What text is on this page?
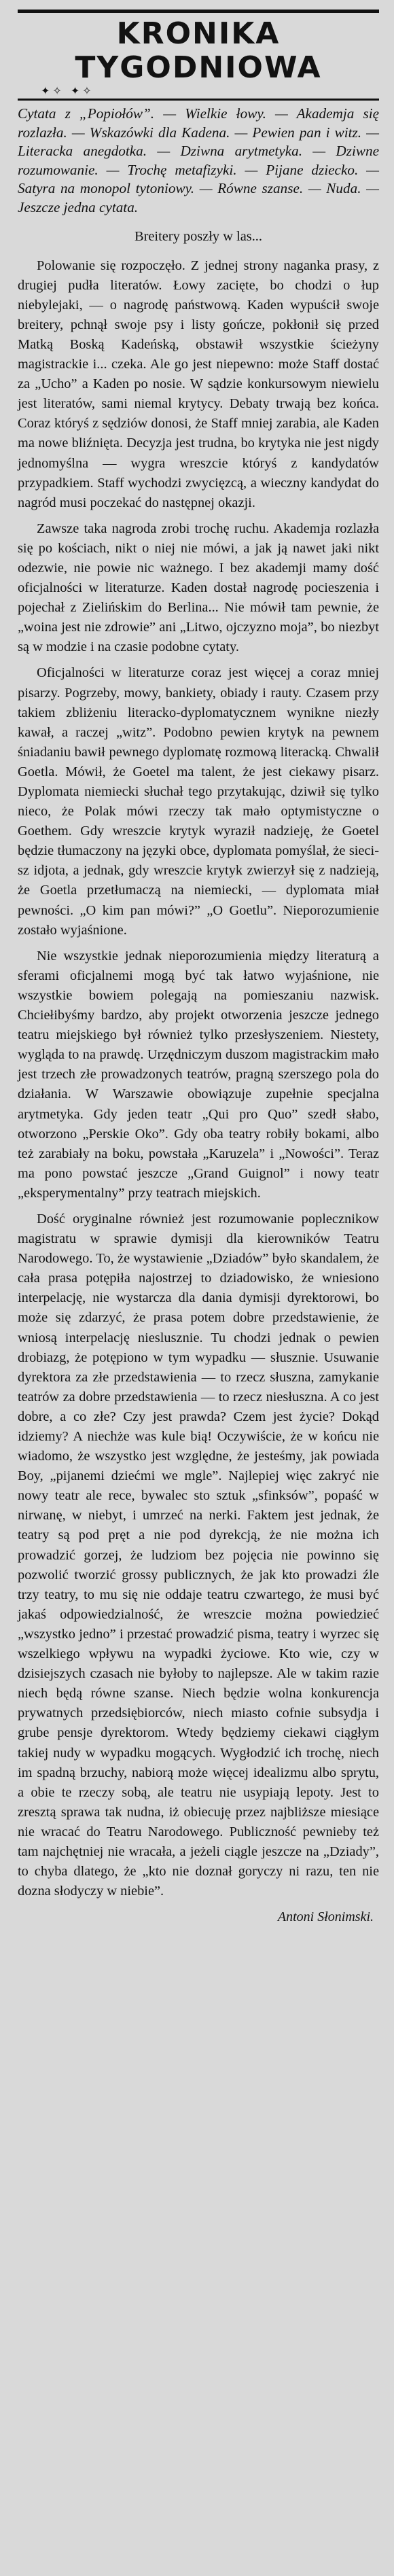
KRONIKA TYGODNIOWA
✦✧ ✦✧

Cytata z „Popiołów”. — Wielkie łowy. — Akademja się rozlazła. — Wskazówki dla Kadena. — Pewien pan i witz. — Literacka anegdotka. — Dziwna arytmetyka. — Dziwne rozumowanie. — Trochę metafizyki. — Pijane dziecko. — Satyra na monopol tytoniowy. — Równe szanse. — Nuda. — Jeszcze jedna cytata.

Breitery poszły w las...

Polowanie się rozpoczęło. Z jednej strony naganka prasy, z drugiej pudła literatów. Łowy zacięte, bo chodzi o łup niebylejaki, — o nagrodę państwową. Kaden wypuścił swoje breitery, pchnął swoje psy i listy gończe, pokłonił się przed Matką Boską Kadeńską, obstawił wszystkie ścieżyny magistrackie i... czeka. Ale go jest niepewno: może Staff dostać za „Ucho” a Kaden po nosie. W sądzie konkursowym niewielu jest literatów, sami niemal krytycy. Debaty trwają bez końca. Coraz któryś z sędziów donosi, że Staff mniej zarabia, ale Kaden ma nowe bliźnięta. Decyzja jest trudna, bo krytyka nie jest nigdy jednomyślna — wygra wreszcie któryś z kandydatów przypadkiem. Staff wychodzi zwycięzcą, a wieczny kandydat do nagród musi poczekać do następnej okazji.

Zawsze taka nagroda zrobi trochę ruchu. Akademja rozlazła się po kościach, nikt o niej nie mówi, a jak ją nawet jaki nikt odezwie, nie powie nic ważnego. I bez akademji mamy dość oficjalności w literaturze. Kaden dostał nagrodę pocieszenia i pojechał z Zielińskim do Berlina... Nie mówił tam pewnie, że „woina jest nie zdrowie” ani „Litwo, ojczyzno moja”, bo niezbyt są w modzie i na czasie podobne cytaty.

Oficjalności w literaturze coraz jest więcej a coraz mniej pisarzy. Pogrzeby, mowy, bankiety, obiady i rauty. Czasem przy takiem zbliżeniu literacko-dyplomatycznem wynikne niezły kawał, a raczej „witz”. Podobno pewien krytyk na pewnem śniadaniu bawił pewnego dyplomatę rozmową literacką. Chwalił Goetla. Mówił, że Goetel ma talent, że jest ciekawy pisarz. Dyplomata niemiecki słuchał tego przytakując, dziwił się tylko nieco, że Polak mówi rzeczy tak mało optymistyczne o Goethem. Gdy wreszcie krytyk wyraził nadzieję, że Goetel będzie tłumaczony na języki obce, dyplomata pomyślał, że sieci-sz idjota, a jednak, gdy wreszcie krytyk zwierzył się z nadzieją, że Goetla przetłumaczą na niemiecki, — dyplomata miał pewności. „O kim pan mówi?” „O Goetlu”. Nieporozumienie zostało wyjaśnione.

Nie wszystkie jednak nieporozumienia między literaturą a sferami oficjalnemi mogą być tak łatwo wyjaśnione, nie wszystkie bowiem polegają na pomieszaniu nazwisk. Chciełibyśmy bardzo, aby projekt otworzenia jeszcze jednego teatru miejskiego był również tylko przesłyszeniem. Niestety, wygląda to na prawdę. Urzędniczym duszom magistrackim mało jest trzech złe prowadzonych teatrów, pragną szerszego pola do działania. W Warszawie obowiązuje zupełnie specjalna arytmetyka. Gdy jeden teatr „Qui pro Quo” szedł słabo, otworzono „Perskie Oko”. Gdy oba teatry robiły bokami, albo też zarabiały na boku, powstała „Karuzela” i „Nowości”. Teraz ma pono powstać jeszcze „Grand Guignol” i nowy teatr „eksperymentalny” przy teatrach miejskich.

Dość oryginalne również jest rozumowanie poplecznikow magistratu w sprawie dymisji dla kierowników Teatru Narodowego. To, że wystawienie „Dziadów” było skandalem, że cała prasa potępiła najostrzej to dziadowisko, że wniesiono interpelację, nie wystarcza dla dania dymisji dyrektorowi, bo może się zdarzyć, że prasa potem dobre przedstawienie, że wniosą interpelację nieslusznie. Tu chodzi jednak o pewien drobiazg, że potępiono w tym wypadku — słusznie. Usuwanie dyrektora za złe przedstawienia — to rzecz słuszna, zamykanie teatrów za dobre przedstawienia — to rzecz niesłuszna. A co jest dobre, a co złe? Czy jest prawda? Czem jest życie? Dokąd idziemy? A niechże was kule bią! Oczywiście, że w końcu nie wiadomo, że wszystko jest względne, że jesteśmy, jak powiada Boy, „pijanemi dziećmi we mgle”. Najlepiej więc zakryć nie nowy teatr ale rece, bywalec sto sztuk „sfinksów”, popaść w nirwanę, w niebyt, i umrzeć na nerki. Faktem jest jednak, że teatry są pod pręt a nie pod dyrekcją, że nie można ich prowadzić gorzej, że ludziom bez pojęcia nie powinno się pozwolić tworzić grossy publicznych, że jak kto prowadzi źle trzy teatry, to mu się nie oddaje teatru czwartego, że musi być jakaś odpowiedzialność, że wreszcie można powiedzieć „wszystko jedno” i przestać prowadzić pisma, teatry i wyrzec się wszelkiego wpływu na wypadki życiowe. Kto wie, czy w dzisiejszych czasach nie byłoby to najlepsze. Ale w takim razie niech będą równe szanse. Niech będzie wolna konkurencja prywatnych przedsiębiorców, niech miasto cofnie subsydja i grube pensje dyrektorom. Wtedy będziemy ciekawi ciągłym takiej nudy w wypadku mogących. Wygłodzić ich trochę, niech im spadną brzuchy, nabiorą może więcej idealizmu albo sprytu, a obie te rzeczy sobą, ale teatru nie usypiają lepoty. Jest to zresztą sprawa tak nudna, iż obiecuję przez najbliższe miesiące nie wracać do Teatru Narodowego. Publiczność pewnieby też tam najchętniej nie wracała, a jeżeli ciągle jeszcze na „Dziady”, to chyba dlatego, że „kto nie doznał goryczy ni razu, ten nie dozna słodyczy w niebie”.

Antoni Słonimski.
